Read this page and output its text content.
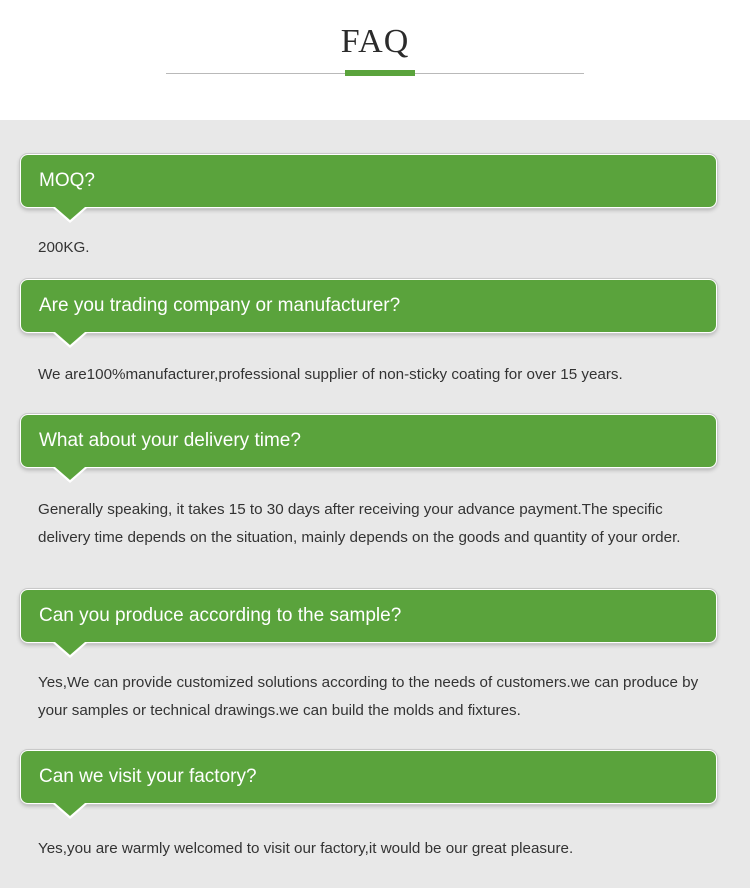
FAQ
MOQ?
200KG.
Are you trading company or manufacturer?
We are100%manufacturer,professional supplier of non-sticky coating for over 15 years.
What about your delivery time?
Generally speaking, it takes 15 to 30 days after receiving your advance payment.The specific delivery time depends on the situation, mainly depends on the goods and quantity of your order.
Can you produce according to the sample?
Yes,We can provide customized solutions according to the needs of customers.we can produce by your samples or technical drawings.we can build the molds and fixtures.
Can we visit your factory?
Yes,you are warmly welcomed to visit our factory,it would be our great pleasure.
